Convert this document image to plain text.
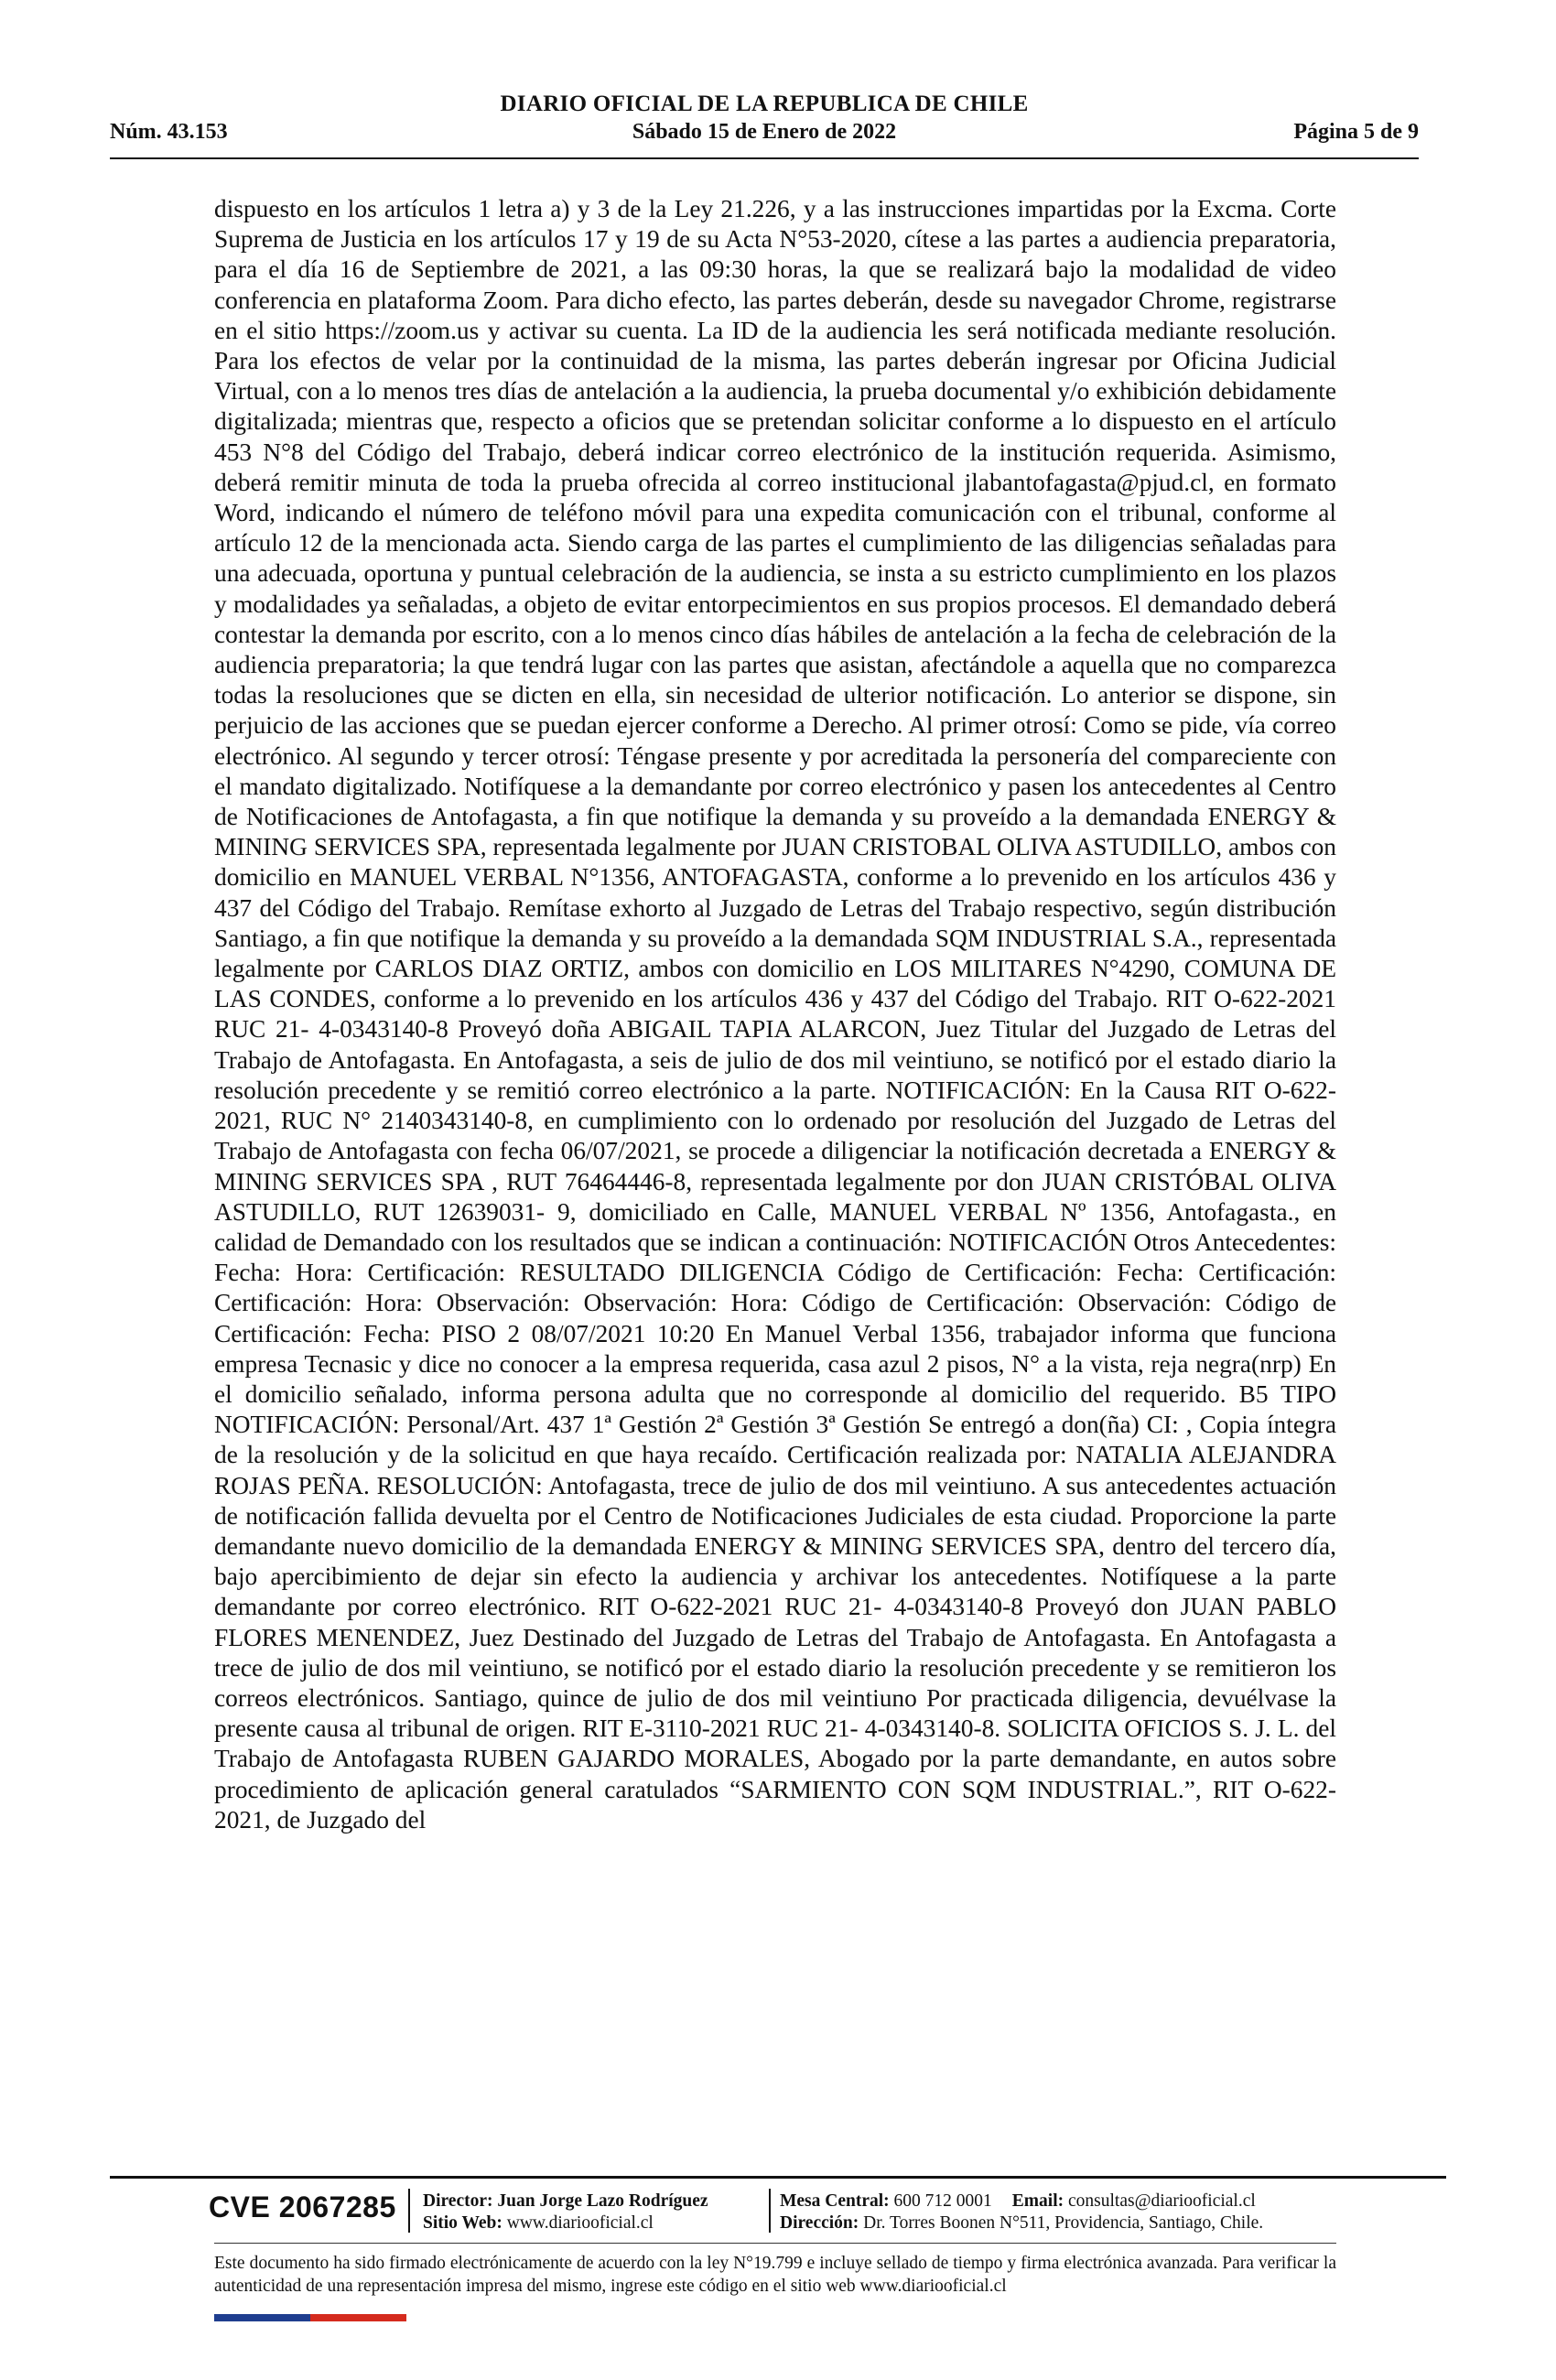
DIARIO OFICIAL DE LA REPUBLICA DE CHILE
Núm. 43.153	Sábado 15 de Enero de 2022	Página 5 de 9

dispuesto en los artículos 1 letra a) y 3 de la Ley 21.226, y a las instrucciones impartidas por la Excma. Corte Suprema de Justicia en los artículos 17 y 19 de su Acta N°53-2020, cítese a las partes a audiencia preparatoria, para el día 16 de Septiembre de 2021, a las 09:30 horas, la que se realizará bajo la modalidad de video conferencia en plataforma Zoom. Para dicho efecto, las partes deberán, desde su navegador Chrome, registrarse en el sitio https://zoom.us y activar su cuenta. La ID de la audiencia les será notificada mediante resolución. Para los efectos de velar por la continuidad de la misma, las partes deberán ingresar por Oficina Judicial Virtual, con a lo menos tres días de antelación a la audiencia, la prueba documental y/o exhibición debidamente digitalizada; mientras que, respecto a oficios que se pretendan solicitar conforme a lo dispuesto en el artículo 453 N°8 del Código del Trabajo, deberá indicar correo electrónico de la institución requerida. Asimismo, deberá remitir minuta de toda la prueba ofrecida al correo institucional jlabantofagasta@pjud.cl, en formato Word, indicando el número de teléfono móvil para una expedita comunicación con el tribunal, conforme al artículo 12 de la mencionada acta. Siendo carga de las partes el cumplimiento de las diligencias señaladas para una adecuada, oportuna y puntual celebración de la audiencia, se insta a su estricto cumplimiento en los plazos y modalidades ya señaladas, a objeto de evitar entorpecimientos en sus propios procesos. El demandado deberá contestar la demanda por escrito, con a lo menos cinco días hábiles de antelación a la fecha de celebración de la audiencia preparatoria; la que tendrá lugar con las partes que asistan, afectándole a aquella que no comparezca todas la resoluciones que se dicten en ella, sin necesidad de ulterior notificación. Lo anterior se dispone, sin perjuicio de las acciones que se puedan ejercer conforme a Derecho. Al primer otrosí: Como se pide, vía correo electrónico. Al segundo y tercer otrosí: Téngase presente y por acreditada la personería del compareciente con el mandato digitalizado. Notifíquese a la demandante por correo electrónico y pasen los antecedentes al Centro de Notificaciones de Antofagasta, a fin que notifique la demanda y su proveído a la demandada ENERGY & MINING SERVICES SPA, representada legalmente por JUAN CRISTOBAL OLIVA ASTUDILLO, ambos con domicilio en MANUEL VERBAL N°1356, ANTOFAGASTA, conforme a lo prevenido en los artículos 436 y 437 del Código del Trabajo. Remítase exhorto al Juzgado de Letras del Trabajo respectivo, según distribución Santiago, a fin que notifique la demanda y su proveído a la demandada SQM INDUSTRIAL S.A., representada legalmente por CARLOS DIAZ ORTIZ, ambos con domicilio en LOS MILITARES N°4290, COMUNA DE LAS CONDES, conforme a lo prevenido en los artículos 436 y 437 del Código del Trabajo. RIT O-622-2021 RUC 21- 4-0343140-8 Proveyó doña ABIGAIL TAPIA ALARCON, Juez Titular del Juzgado de Letras del Trabajo de Antofagasta. En Antofagasta, a seis de julio de dos mil veintiuno, se notificó por el estado diario la resolución precedente y se remitió correo electrónico a la parte. NOTIFICACIÓN: En la Causa RIT O-622-2021, RUC N° 2140343140-8, en cumplimiento con lo ordenado por resolución del Juzgado de Letras del Trabajo de Antofagasta con fecha 06/07/2021, se procede a diligenciar la notificación decretada a ENERGY & MINING SERVICES SPA , RUT 76464446-8, representada legalmente por don JUAN CRISTÓBAL OLIVA ASTUDILLO, RUT 12639031- 9, domiciliado en Calle, MANUEL VERBAL Nº 1356, Antofagasta., en calidad de Demandado con los resultados que se indican a continuación: NOTIFICACIÓN Otros Antecedentes: Fecha: Hora: Certificación: RESULTADO DILIGENCIA Código de Certificación: Fecha: Certificación: Certificación: Hora: Observación: Observación: Hora: Código de Certificación: Observación: Código de Certificación: Fecha: PISO 2 08/07/2021 10:20 En Manuel Verbal 1356, trabajador informa que funciona empresa Tecnasic y dice no conocer a la empresa requerida, casa azul 2 pisos, N° a la vista, reja negra(nrp) En el domicilio señalado, informa persona adulta que no corresponde al domicilio del requerido. B5 TIPO NOTIFICACIÓN: Personal/Art. 437 1ª Gestión 2ª Gestión 3ª Gestión Se entregó a don(ña) CI: , Copia íntegra de la resolución y de la solicitud en que haya recaído. Certificación realizada por: NATALIA ALEJANDRA ROJAS PEÑA. RESOLUCIÓN: Antofagasta, trece de julio de dos mil veintiuno. A sus antecedentes actuación de notificación fallida devuelta por el Centro de Notificaciones Judiciales de esta ciudad. Proporcione la parte demandante nuevo domicilio de la demandada ENERGY & MINING SERVICES SPA, dentro del tercero día, bajo apercibimiento de dejar sin efecto la audiencia y archivar los antecedentes. Notifíquese a la parte demandante por correo electrónico. RIT O-622-2021 RUC 21- 4-0343140-8 Proveyó don JUAN PABLO FLORES MENENDEZ, Juez Destinado del Juzgado de Letras del Trabajo de Antofagasta. En Antofagasta a trece de julio de dos mil veintiuno, se notificó por el estado diario la resolución precedente y se remitieron los correos electrónicos. Santiago, quince de julio de dos mil veintiuno Por practicada diligencia, devuélvase la presente causa al tribunal de origen. RIT E-3110-2021 RUC 21- 4-0343140-8. SOLICITA OFICIOS S. J. L. del Trabajo de Antofagasta RUBEN GAJARDO MORALES, Abogado por la parte demandante, en autos sobre procedimiento de aplicación general caratulados “SARMIENTO CON SQM INDUSTRIAL.”, RIT O-622-2021, de Juzgado del

CVE 2067285 Director: Juan Jorge Lazo Rodríguez
Sitio Web: www.diariooficial.cl
Mesa Central: 600 712 0001 Email: consultas@diariooficial.cl
Dirección: Dr. Torres Boonen N°511, Providencia, Santiago, Chile.

Este documento ha sido firmado electrónicamente de acuerdo con la ley N°19.799 e incluye sellado de tiempo y firma electrónica avanzada. Para verificar la autenticidad de una representación impresa del mismo, ingrese este código en el sitio web www.diariooficial.cl
